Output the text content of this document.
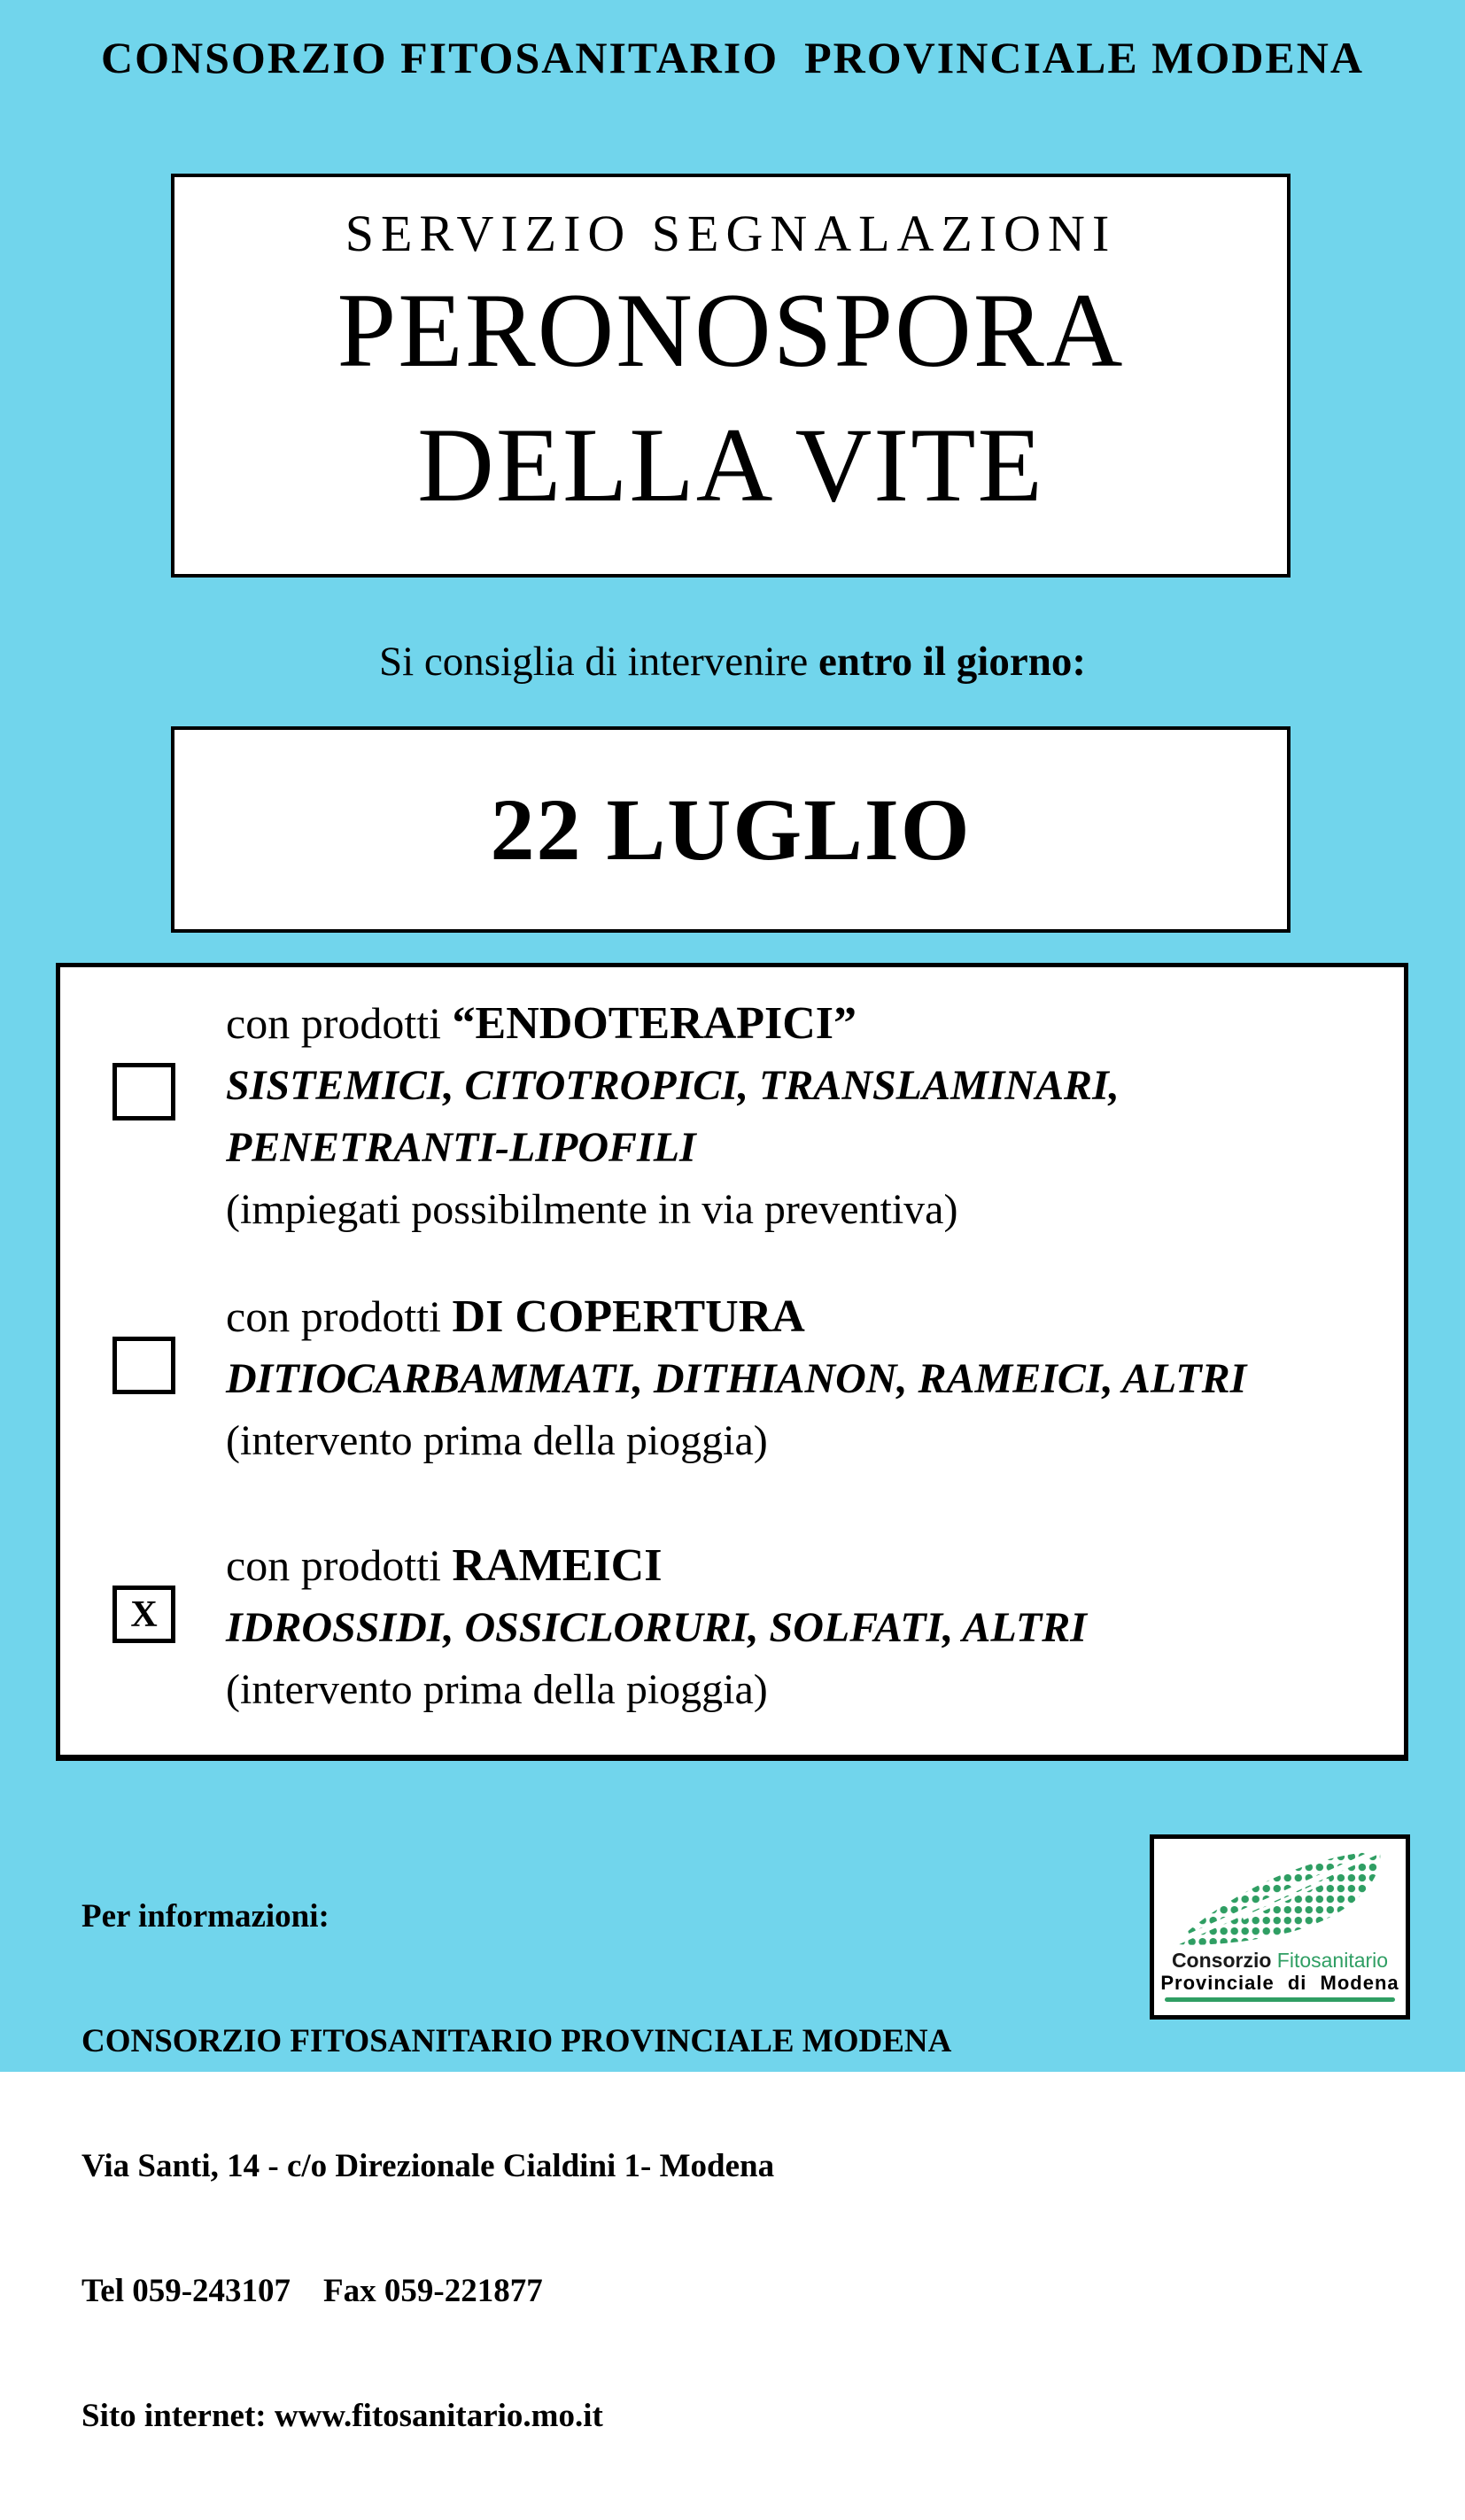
CONSORZIO FITOSANITARIO  PROVINCIALE MODENA
SERVIZIO SEGNALAZIONI
PERONOSPORA
DELLA VITE
Si consiglia di intervenire entro il giorno:
22 LUGLIO
con prodotti “ENDOTERAPICI”
SISTEMICI, CITOTROPICI, TRANSLAMINARI, PENETRANTI-LIPOFILI
(impiegati possibilmente in via preventiva)
con prodotti DI COPERTURA
DITIOCARBAMMATI, DITHIANON, RAMEICI, ALTRI
(intervento prima della pioggia)
X
con prodotti RAMEICI
IDROSSIDI, OSSICLORURI, SOLFATI, ALTRI
(intervento prima della pioggia)

Per informazioni:

CONSORZIO FITOSANITARIO PROVINCIALE MODENA

Via Santi, 14 - c/o Direzionale Cialdini 1- Modena

Tel 059-243107    Fax 059-221877

Sito internet: www.fitosanitario.mo.it

Consorzio Fitosanitario
Provinciale di Modena
